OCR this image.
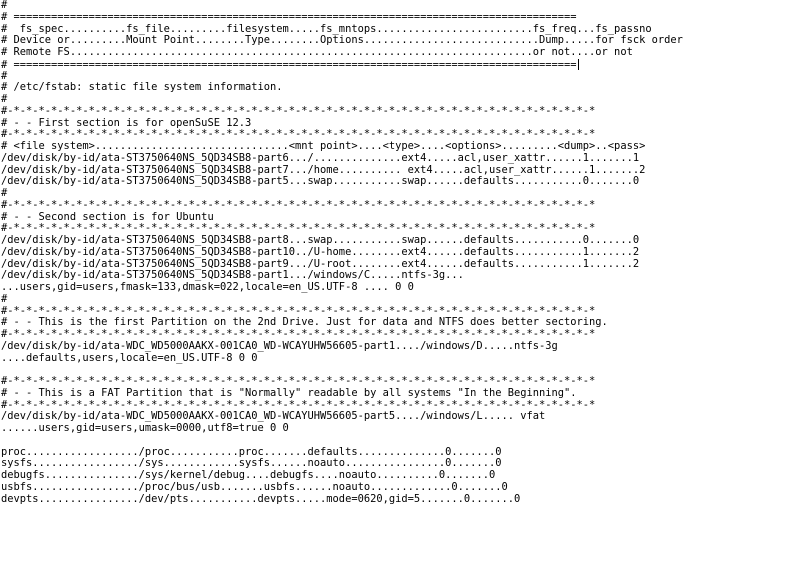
#
# ==========================================================================================
#  fs_spec..........fs_file.........filesystem.....fs_mntops.........................fs_freq...fs_passno
# Device or.........Mount Point........Type........Options............................Dump.....for fsck order
# Remote FS..........................................................................or not....or not
# ==========================================================================================
#
# /etc/fstab: static file system information.
#
#-*-*-*-*-*-*-*-*-*-*-*-*-*-*-*-*-*-*-*-*-*-*-*-*-*-*-*-*-*-*-*-*-*-*-*-*-*-*-*-*-*-*-*-*-*-*-*
# - - First section is for openSuSE 12.3
#-*-*-*-*-*-*-*-*-*-*-*-*-*-*-*-*-*-*-*-*-*-*-*-*-*-*-*-*-*-*-*-*-*-*-*-*-*-*-*-*-*-*-*-*-*-*-*
# <file system>...............................<mnt point>....<type>....<options>.........<dump>..<pass>
/dev/disk/by-id/ata-ST3750640NS_5QD34SB8-part6.../..............ext4.....acl,user_xattr......1.......1
/dev/disk/by-id/ata-ST3750640NS_5QD34SB8-part7.../home.......... ext4.....acl,user_xattr......1.......2
/dev/disk/by-id/ata-ST3750640NS_5QD34SB8-part5...swap...........swap......defaults...........0.......0
#
#-*-*-*-*-*-*-*-*-*-*-*-*-*-*-*-*-*-*-*-*-*-*-*-*-*-*-*-*-*-*-*-*-*-*-*-*-*-*-*-*-*-*-*-*-*-*-*
# - - Second section is for Ubuntu
#-*-*-*-*-*-*-*-*-*-*-*-*-*-*-*-*-*-*-*-*-*-*-*-*-*-*-*-*-*-*-*-*-*-*-*-*-*-*-*-*-*-*-*-*-*-*-*
/dev/disk/by-id/ata-ST3750640NS_5QD34SB8-part8...swap...........swap......defaults...........0.......0
/dev/disk/by-id/ata-ST3750640NS_5QD34SB8-part10../U-home........ext4......defaults...........1.......2
/dev/disk/by-id/ata-ST3750640NS_5QD34SB8-part9.../U-root........ext4......defaults...........1.......2
/dev/disk/by-id/ata-ST3750640NS_5QD34SB8-part1.../windows/C.....ntfs-3g...
...users,gid=users,fmask=133,dmask=022,locale=en_US.UTF-8 .... 0 0
#
#-*-*-*-*-*-*-*-*-*-*-*-*-*-*-*-*-*-*-*-*-*-*-*-*-*-*-*-*-*-*-*-*-*-*-*-*-*-*-*-*-*-*-*-*-*-*-*
# - - This is the first Partition on the 2nd Drive. Just for data and NTFS does better sectoring.
#-*-*-*-*-*-*-*-*-*-*-*-*-*-*-*-*-*-*-*-*-*-*-*-*-*-*-*-*-*-*-*-*-*-*-*-*-*-*-*-*-*-*-*-*-*-*-*
/dev/disk/by-id/ata-WDC_WD5000AAKX-001CA0_WD-WCAYUHW56605-part1..../windows/D.....ntfs-3g
....defaults,users,locale=en_US.UTF-8 0 0
#-*-*-*-*-*-*-*-*-*-*-*-*-*-*-*-*-*-*-*-*-*-*-*-*-*-*-*-*-*-*-*-*-*-*-*-*-*-*-*-*-*-*-*-*-*-*-*
# - - This is a FAT Partition that is "Normally" readable by all systems "In the Beginning".
#-*-*-*-*-*-*-*-*-*-*-*-*-*-*-*-*-*-*-*-*-*-*-*-*-*-*-*-*-*-*-*-*-*-*-*-*-*-*-*-*-*-*-*-*-*-*-*
/dev/disk/by-id/ata-WDC_WD5000AAKX-001CA0_WD-WCAYUHW56605-part5..../windows/L..... vfat
......users,gid=users,umask=0000,utf8=true 0 0
proc................../proc...........proc.......defaults..............0.......0
sysfs................./sys............sysfs......noauto................0.......0
debugfs.............../sys/kernel/debug....debugfs....noauto..........0.......0
usbfs................./proc/bus/usb.......usbfs......noauto.............0.......0
devpts................/dev/pts...........devpts.....mode=0620,gid=5.......0.......0
